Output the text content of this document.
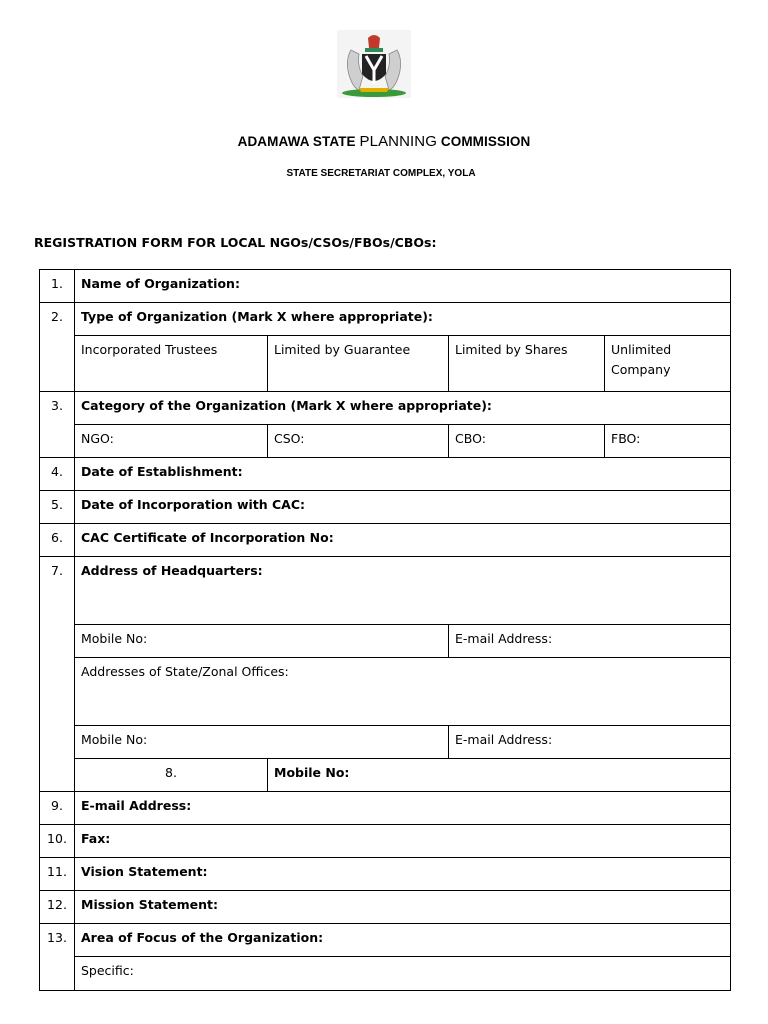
ADAMAWA STATE PLANNING COMMISSION
STATE SECRETARIAT COMPLEX, YOLA
REGISTRATION FORM FOR LOCAL NGOs/CSOs/FBOs/CBOs:
1.	Name of Organization:			
2.	Type of Organization (Mark X where appropriate):			
	Incorporated Trustees	Limited by Guarantee	Limited by Shares	Unlimited Company
3.	Category of the Organization (Mark X where appropriate):			
	NGO:	CSO:	CBO:	FBO:
4.	Date of Establishment:			
5.	Date of Incorporation with CAC:			
6.	CAC Certificate of Incorporation No:			
7.	Address of Headquarters:			
	Mobile No:		E-mail Address:	
	Addresses of State/Zonal Offices:			
	Mobile No:		E-mail Address:	
	8.	Mobile No:		
9.	E-mail Address:			
10.	Fax:			
11.	Vision Statement:			
12.	Mission Statement:			
13.	Area of Focus of the Organization:			
	Specific:			
